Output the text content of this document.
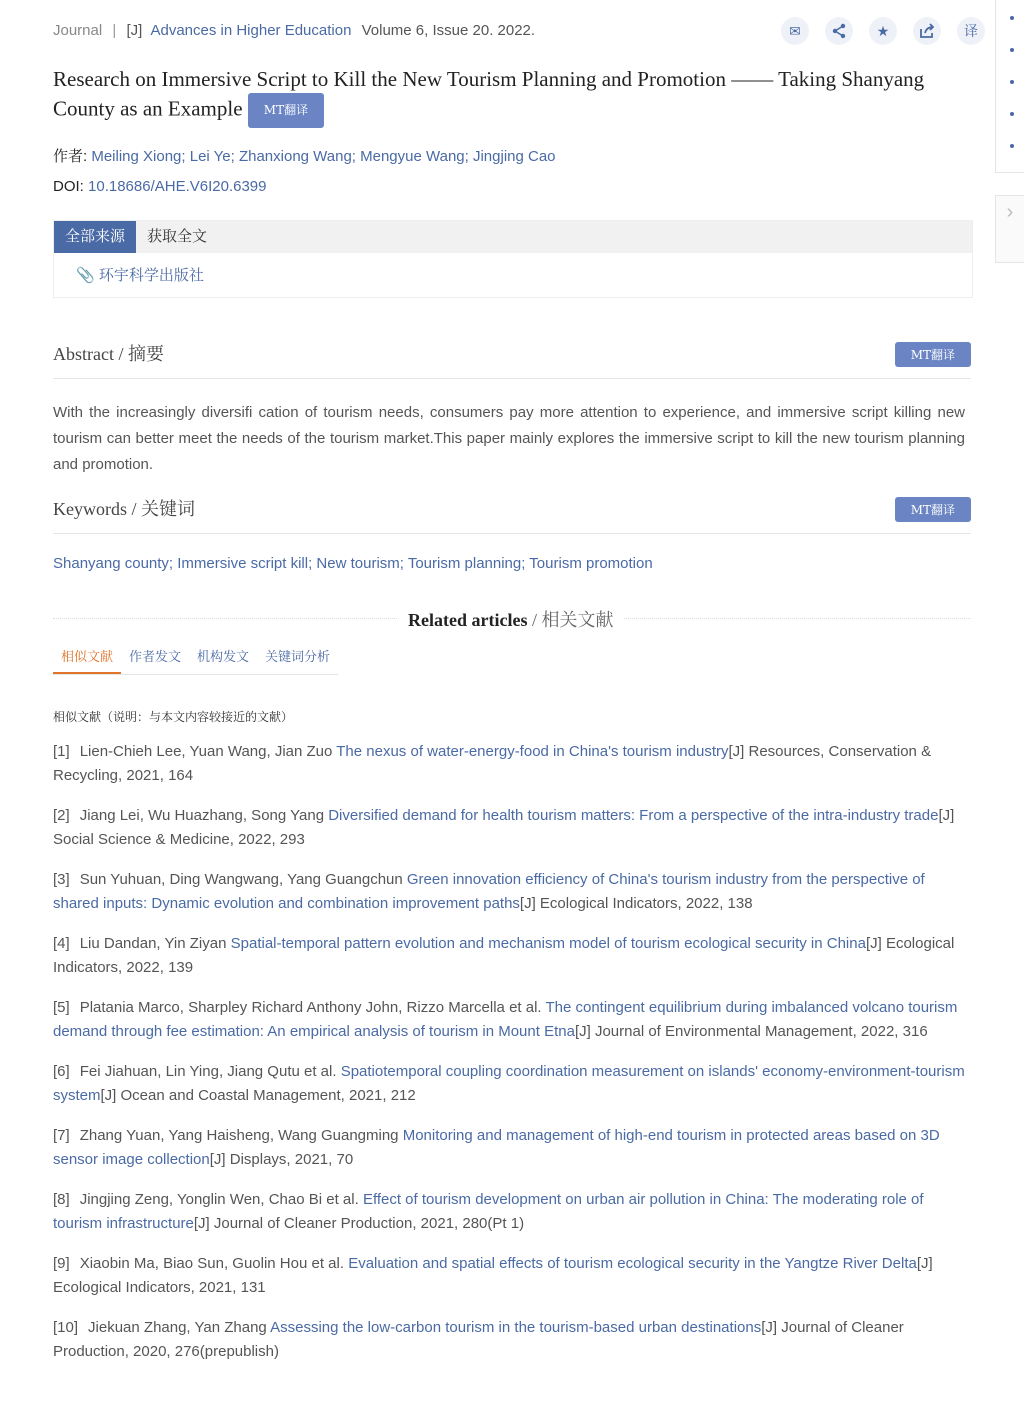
Journal | [J] Advances in Higher Education Volume 6, Issue 20. 2022.	✉	★	译
Research on Immersive Script to Kill the New Tourism Planning and Promotion —— Taking Shanyang County as an Example MT翻译
作者: Meiling Xiong; Lei Ye; Zhanxiong Wang; Mengyue Wang; Jingjing Cao
DOI: 10.18686/AHE.V6I20.6399
全部来源	获取全文
📎 环宇科学出版社
Abstract / 摘要	MT翻译
With the increasingly diversifi cation of tourism needs, consumers pay more attention to experience, and immersive script killing new tourism can better meet the needs of the tourism market.This paper mainly explores the immersive script to kill the new tourism planning and promotion.
Keywords / 关键词	MT翻译
Shanyang county; Immersive script kill; New tourism; Tourism planning; Tourism promotion
Related articles / 相关文献
相似文献	作者发文	机构发文	关键词分析
相似文献（说明：与本文内容较接近的文献）
[1] Lien-Chieh Lee, Yuan Wang, Jian Zuo The nexus of water-energy-food in China's tourism industry[J] Resources, Conservation & Recycling, 2021, 164
[2] Jiang Lei, Wu Huazhang, Song Yang Diversified demand for health tourism matters: From a perspective of the intra-industry trade[J] Social Science & Medicine, 2022, 293
[3] Sun Yuhuan, Ding Wangwang, Yang Guangchun Green innovation efficiency of China's tourism industry from the perspective of shared inputs: Dynamic evolution and combination improvement paths[J] Ecological Indicators, 2022, 138
[4] Liu Dandan, Yin Ziyan Spatial-temporal pattern evolution and mechanism model of tourism ecological security in China[J] Ecological Indicators, 2022, 139
[5] Platania Marco, Sharpley Richard Anthony John, Rizzo Marcella et al. The contingent equilibrium during imbalanced volcano tourism demand through fee estimation: An empirical analysis of tourism in Mount Etna[J] Journal of Environmental Management, 2022, 316
[6] Fei Jiahuan, Lin Ying, Jiang Qutu et al. Spatiotemporal coupling coordination measurement on islands' economy-environment-tourism system[J] Ocean and Coastal Management, 2021, 212
[7] Zhang Yuan, Yang Haisheng, Wang Guangming Monitoring and management of high-end tourism in protected areas based on 3D sensor image collection[J] Displays, 2021, 70
[8] Jingjing Zeng, Yonglin Wen, Chao Bi et al. Effect of tourism development on urban air pollution in China: The moderating role of tourism infrastructure[J] Journal of Cleaner Production, 2021, 280(Pt 1)
[9] Xiaobin Ma, Biao Sun, Guolin Hou et al. Evaluation and spatial effects of tourism ecological security in the Yangtze River Delta[J] Ecological Indicators, 2021, 131
[10] Jiekuan Zhang, Yan Zhang Assessing the low-carbon tourism in the tourism-based urban destinations[J] Journal of Cleaner Production, 2020, 276(prepublish)
›
